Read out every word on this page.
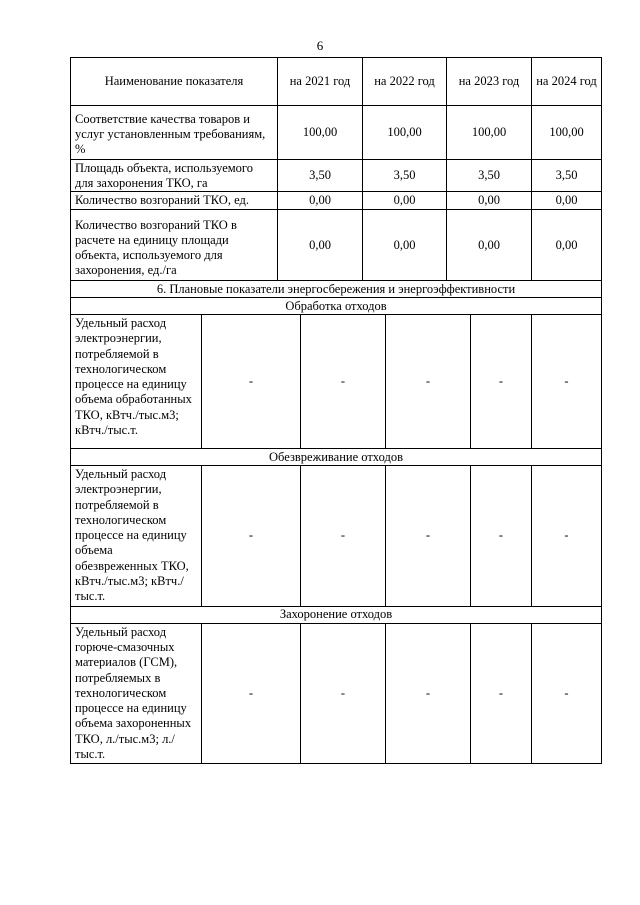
6
Наименование показателя		на 2021 год		на 2022 год		на 2023 год		на 2024 год	
Соответствие качества товаров и услуг установленным требованиям, %		100,00		100,00		100,00		100,00	
Площадь объекта, используемого для захоронения ТКО, га		3,50		3,50		3,50		3,50	
Количество возгораний ТКО, ед.		0,00		0,00		0,00		0,00	
Количество возгораний ТКО в расчете на единицу площади объекта, используемого для захоронения, ед./га		0,00		0,00		0,00		0,00	
6. Плановые показатели энергосбережения и энергоэффективности									
Обработка отходов									
Удельный расход электроэнергии, потребляемой в технологическом процессе на единицу объема обработанных ТКО, кВтч./тыс.м3; кВтч./тыс.т.	-		-		-		-	-	
Обезвреживание отходов									
Удельный расход электроэнергии, потребляемой в технологическом процессе на единицу объема обезвреженных ТКО, кВтч./тыс.м3; кВтч./тыс.т.	-		-		-		-	-	
Захоронение отходов									
Удельный расход горюче-смазочных материалов (ГСМ), потребляемых в технологическом процессе на единицу объема захороненных ТКО, л./тыс.м3; л./тыс.т.	-		-		-		-	-	
